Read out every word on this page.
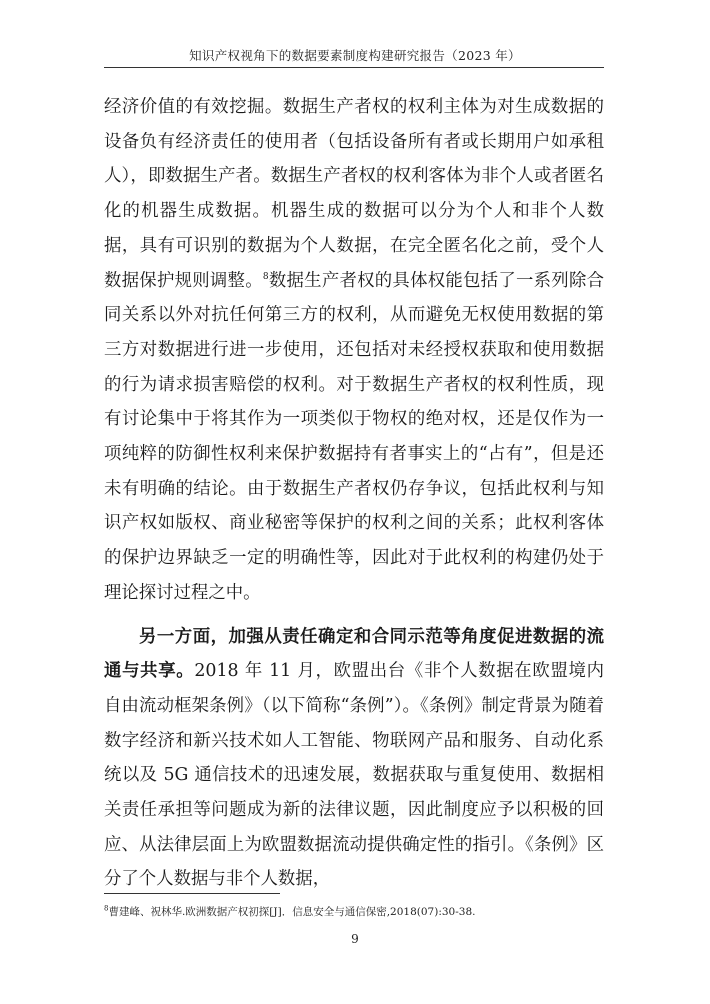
知识产权视角下的数据要素制度构建研究报告（2023 年）

经济价值的有效挖掘。数据生产者权的权利主体为对生成数据的设备负有经济责任的使用者（包括设备所有者或长期用户如承租人），即数据生产者。数据生产者权的权利客体为非个人或者匿名化的机器生成数据。机器生成的数据可以分为个人和非个人数据，具有可识别的数据为个人数据，在完全匿名化之前，受个人数据保护规则调整。$^8$数据生产者权的具体权能包括了一系列除合同关系以外对抗任何第三方的权利，从而避免无权使用数据的第三方对数据进行进一步使用，还包括对未经授权获取和使用数据的行为请求损害赔偿的权利。对于数据生产者权的权利性质，现有讨论集中于将其作为一项类似于物权的绝对权，还是仅作为一项纯粹的防御性权利来保护数据持有者事实上的“占有”，但是还未有明确的结论。由于数据生产者权仍存争议，包括此权利与知识产权如版权、商业秘密等保护的权利之间的关系；此权利客体的保护边界缺乏一定的明确性等，因此对于此权利的构建仍处于理论探讨过程之中。

另一方面，加强从责任确定和合同示范等角度促进数据的流通与共享。2018 年 11 月，欧盟出台《非个人数据在欧盟境内自由流动框架条例》（以下简称“条例”）。《条例》制定背景为随着数字经济和新兴技术如人工智能、物联网产品和服务、自动化系统以及 5G 通信技术的迅速发展，数据获取与重复使用、数据相关责任承担等问题成为新的法律议题，因此制度应予以积极的回应、从法律层面上为欧盟数据流动提供确定性的指引。《条例》区分了个人数据与非个人数据，

$^8$曹建峰、祝林华.欧洲数据产权初探[J]．信息安全与通信保密,2018(07):30-38.
9
